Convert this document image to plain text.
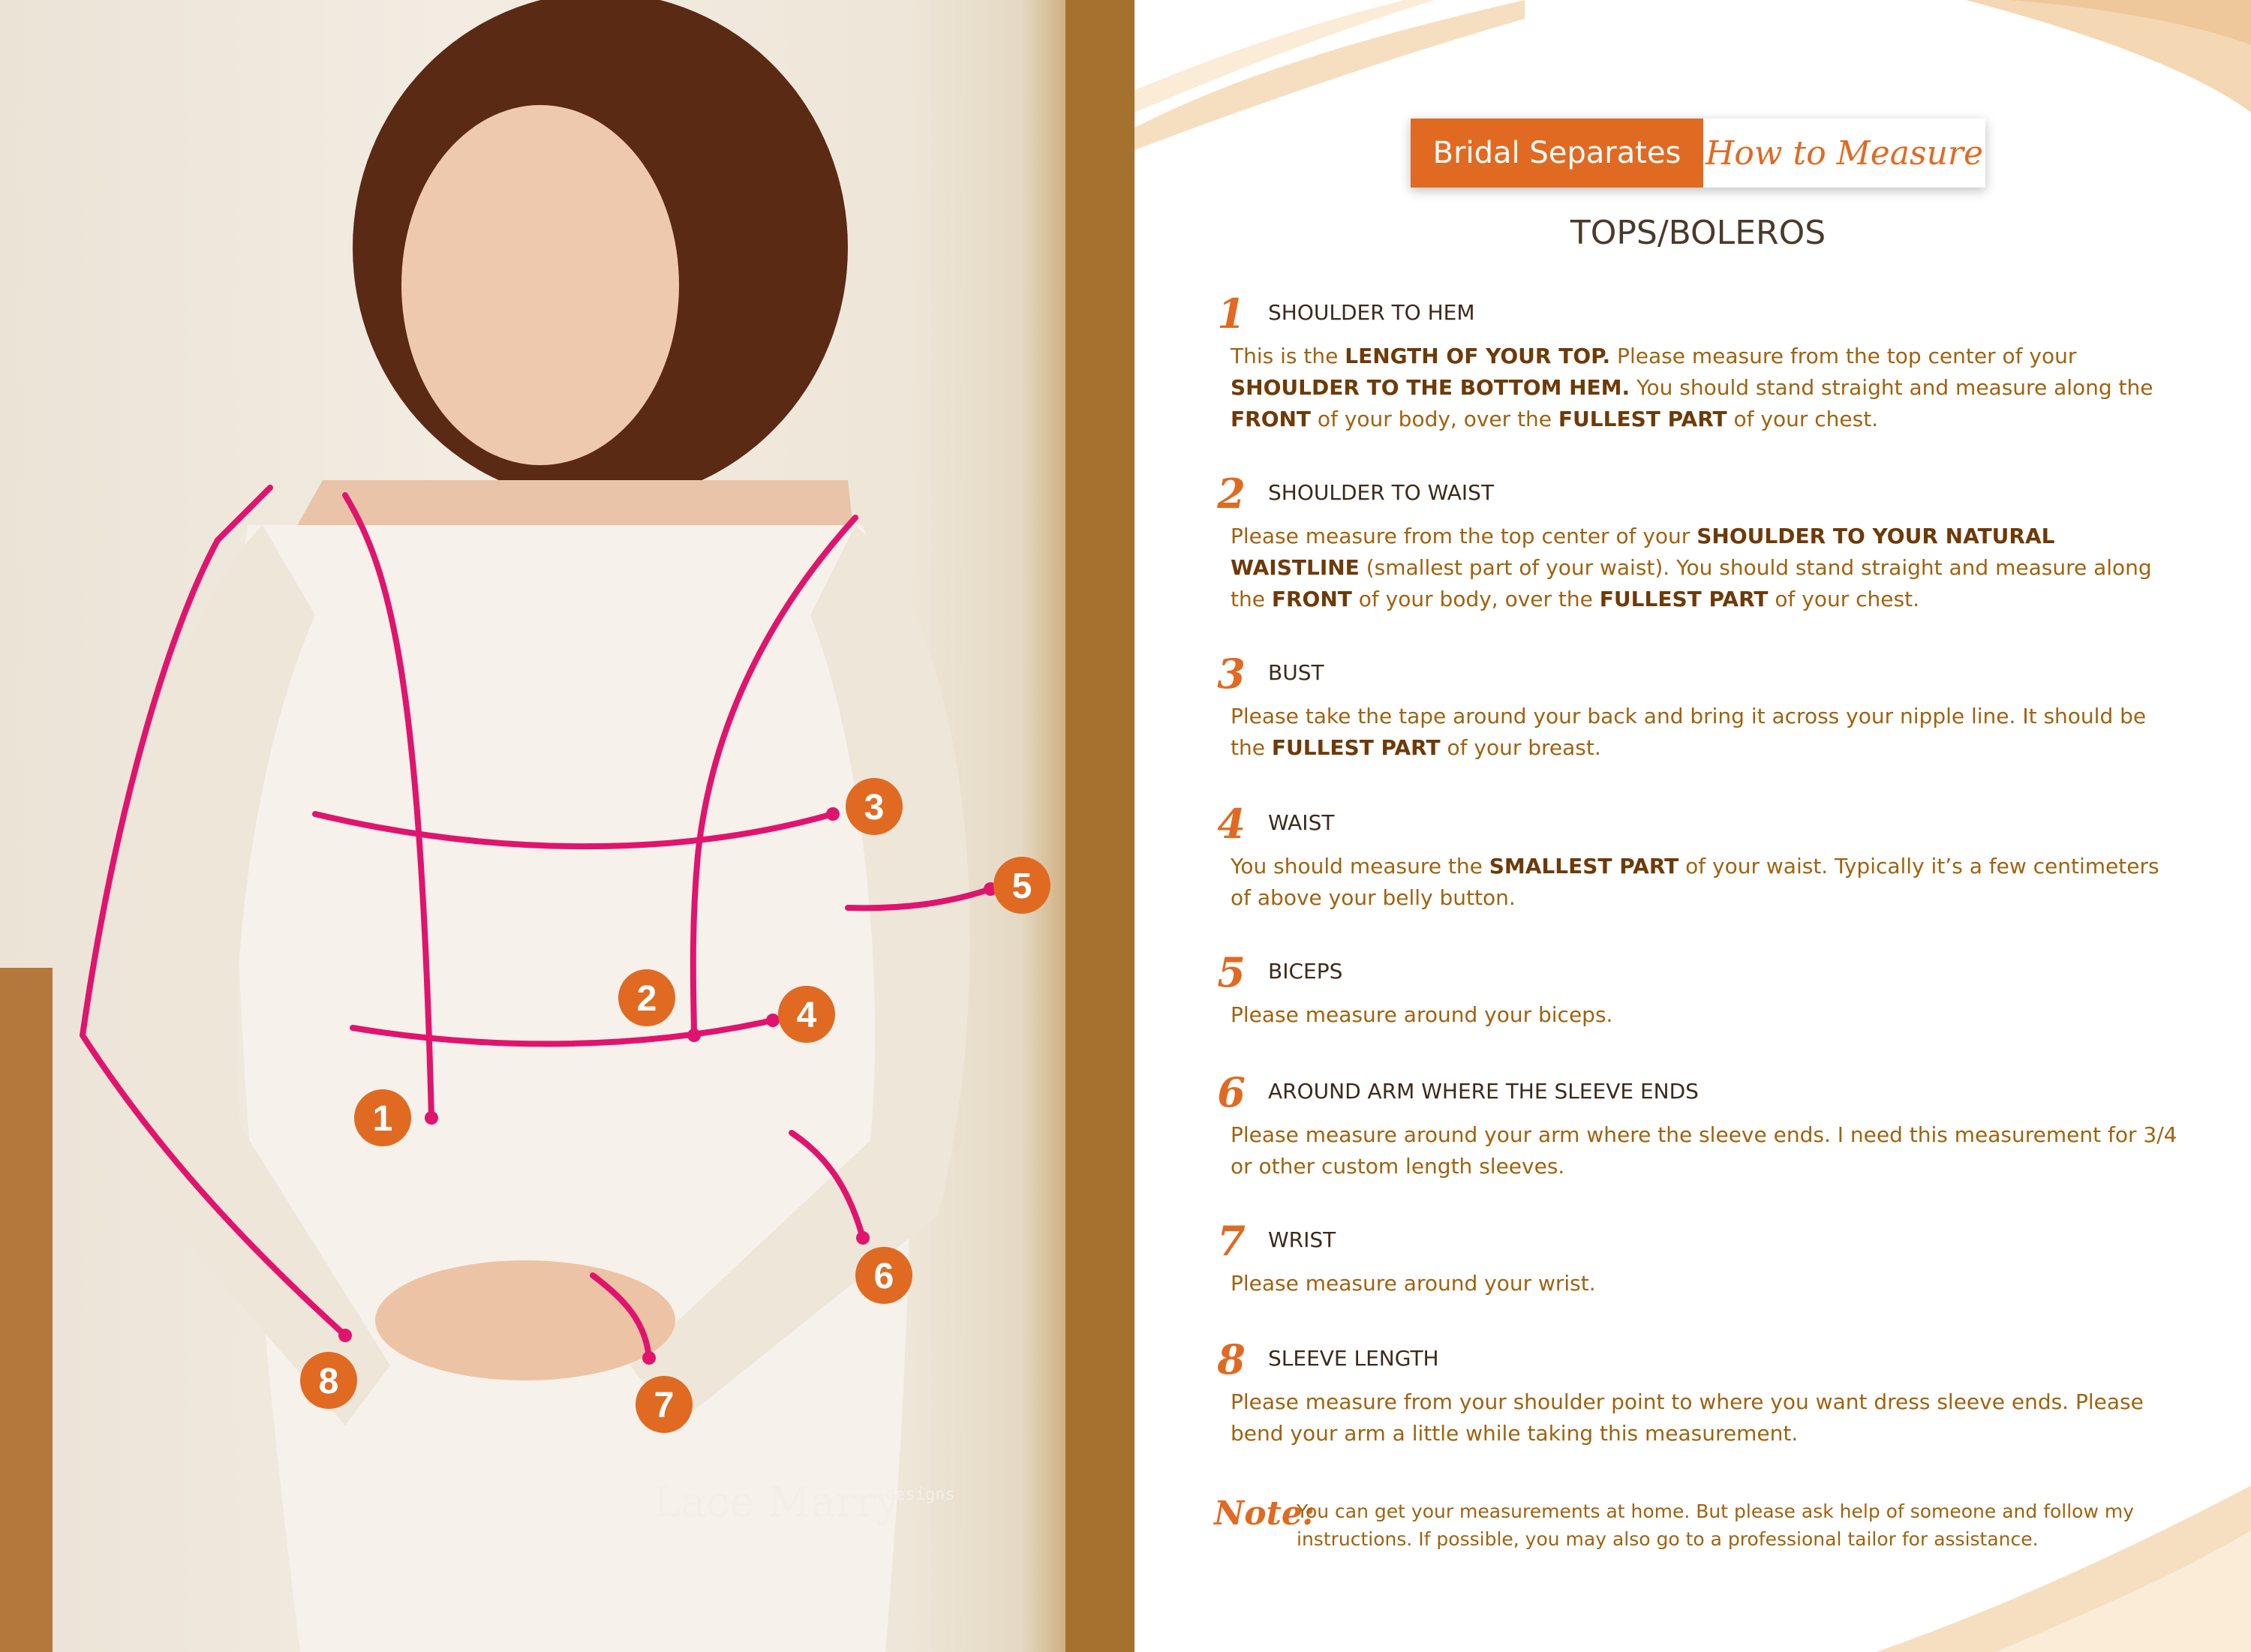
1
2
3
4
5
6
7
8
Lace Marry
designs
Bridal Separates How to Measure
TOPS/BOLEROS
1 SHOULDER TO HEM
This is the LENGTH OF YOUR TOP. Please measure from the top center of your SHOULDER TO THE BOTTOM HEM. You should stand straight and measure along the FRONT of your body, over the FULLEST PART of your chest.
2 SHOULDER TO WAIST
Please measure from the top center of your SHOULDER TO YOUR NATURAL WAISTLINE (smallest part of your waist). You should stand straight and measure along the FRONT of your body, over the FULLEST PART of your chest.
3 BUST
Please take the tape around your back and bring it across your nipple line. It should be the FULLEST PART of your breast.
4 WAIST
You should measure the SMALLEST PART of your waist. Typically it’s a few centimeters of above your belly button.
5 BICEPS
Please measure around your biceps.
6 AROUND ARM WHERE THE SLEEVE ENDS
Please measure around your arm where the sleeve ends. I need this measurement for 3/4 or other custom length sleeves.
7 WRIST
Please measure around your wrist.
8 SLEEVE LENGTH
Please measure from your shoulder point to where you want dress sleeve ends. Please bend your arm a little while taking this measurement.
Note:
You can get your measurements at home. But please ask help of someone and follow my instructions. If possible, you may also go to a professional tailor for assistance.
